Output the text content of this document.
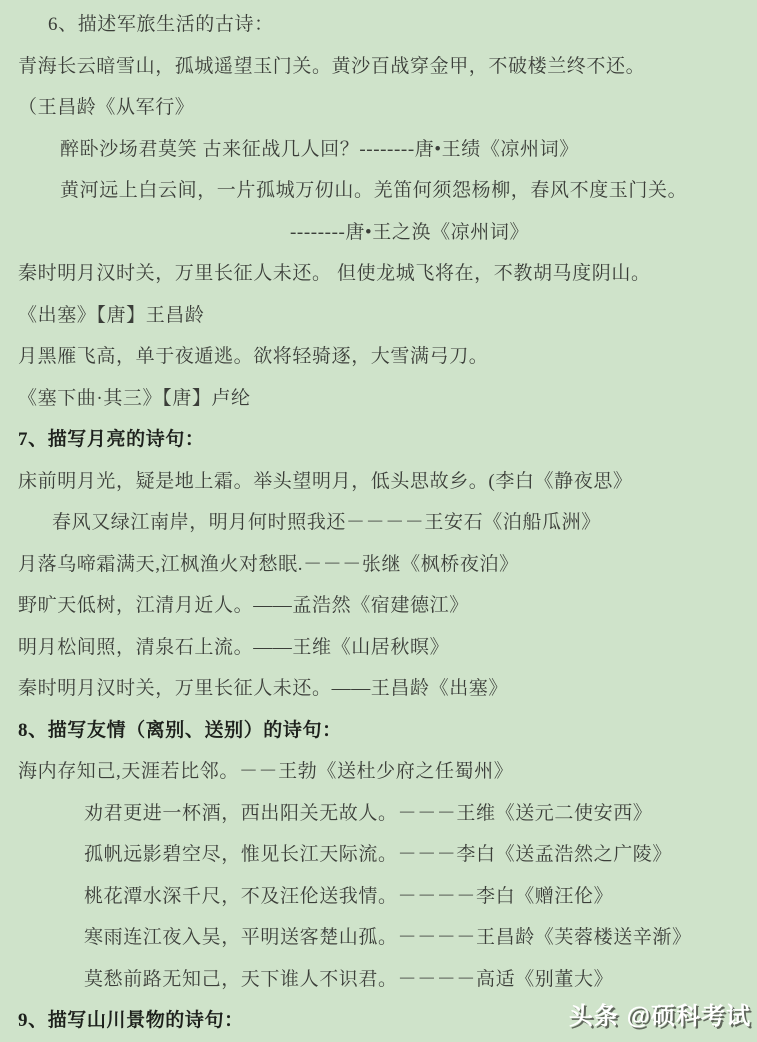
6、描述军旅生活的古诗：

青海长云暗雪山，孤城遥望玉门关。黄沙百战穿金甲，不破楼兰终不还。

（王昌龄《从军行》

醉卧沙场君莫笑 古来征战几人回？--------唐•王绩《凉州词》

黄河远上白云间，一片孤城万仞山。羌笛何须怨杨柳，春风不度玉门关。

--------唐•王之涣《凉州词》

秦时明月汉时关，万里长征人未还。 但使龙城飞将在，不教胡马度阴山。

《出塞》【唐】王昌龄

月黑雁飞高，单于夜遁逃。欲将轻骑逐，大雪满弓刀。

《塞下曲·其三》【唐】卢纶

7、描写月亮的诗句：

床前明月光，疑是地上霜。举头望明月，低头思故乡。(李白《静夜思》

春风又绿江南岸，明月何时照我还－－－－王安石《泊船瓜洲》

月落乌啼霜满天,江枫渔火对愁眠.－－－张继《枫桥夜泊》

野旷天低树，江清月近人。——孟浩然《宿建德江》

明月松间照，清泉石上流。——王维《山居秋暝》

秦时明月汉时关，万里长征人未还。——王昌龄《出塞》

8、描写友情（离别、送别）的诗句：

海内存知己,天涯若比邻。－－王勃《送杜少府之任蜀州》

劝君更进一杯酒，西出阳关无故人。－－－王维《送元二使安西》

孤帆远影碧空尽，惟见长江天际流。－－－李白《送孟浩然之广陵》

桃花潭水深千尺，不及汪伦送我情。－－－－李白《赠汪伦》

寒雨连江夜入吴，平明送客楚山孤。－－－－王昌龄《芙蓉楼送辛渐》

莫愁前路无知己，天下谁人不识君。－－－－高适《别董大》

9、描写山川景物的诗句：	头条 @硕科考试
